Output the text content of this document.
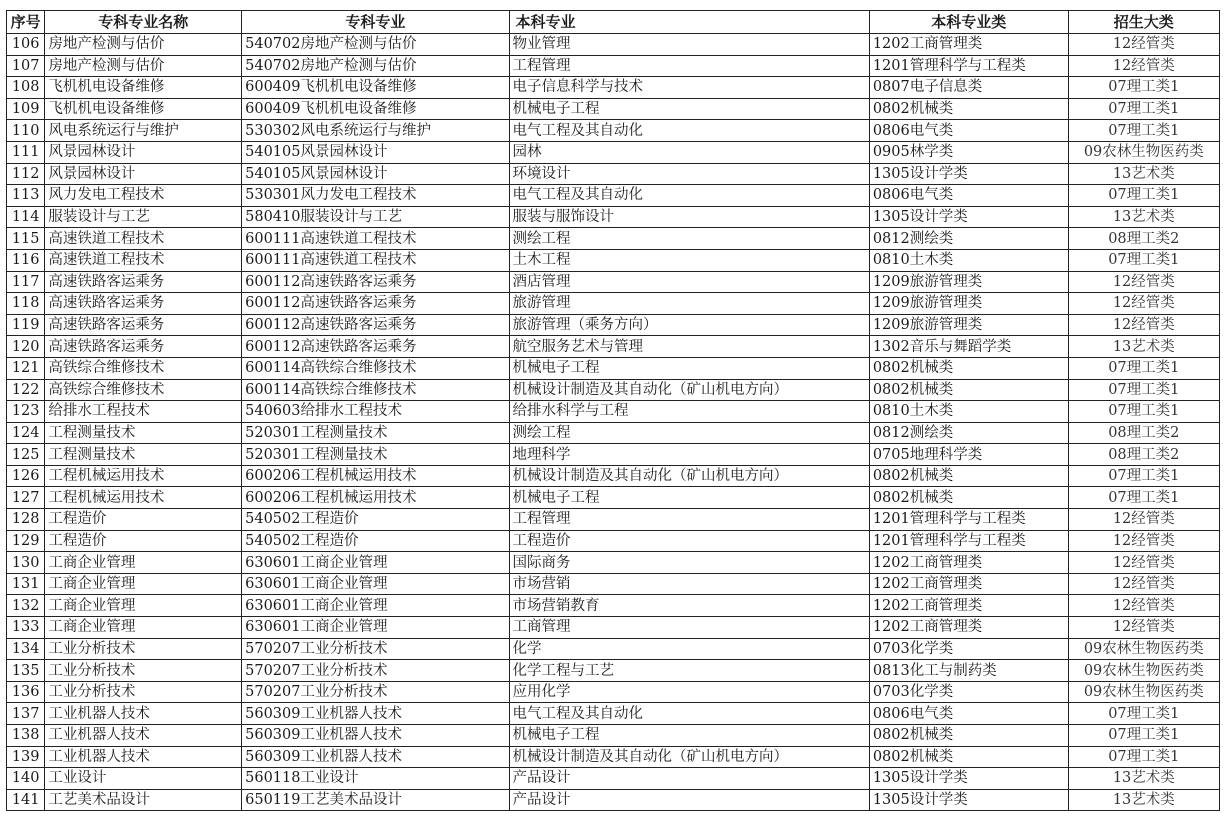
序号	专科专业名称	专科专业	本科专业	本科专业类	招生大类
106	房地产检测与估价	540702房地产检测与估价	物业管理	1202工商管理类	12经管类
107	房地产检测与估价	540702房地产检测与估价	工程管理	1201管理科学与工程类	12经管类
108	飞机机电设备维修	600409飞机机电设备维修	电子信息科学与技术	0807电子信息类	07理工类1
109	飞机机电设备维修	600409飞机机电设备维修	机械电子工程	0802机械类	07理工类1
110	风电系统运行与维护	530302风电系统运行与维护	电气工程及其自动化	0806电气类	07理工类1
111	风景园林设计	540105风景园林设计	园林	0905林学类	09农林生物医药类
112	风景园林设计	540105风景园林设计	环境设计	1305设计学类	13艺术类
113	风力发电工程技术	530301风力发电工程技术	电气工程及其自动化	0806电气类	07理工类1
114	服装设计与工艺	580410服装设计与工艺	服装与服饰设计	1305设计学类	13艺术类
115	高速铁道工程技术	600111高速铁道工程技术	测绘工程	0812测绘类	08理工类2
116	高速铁道工程技术	600111高速铁道工程技术	土木工程	0810土木类	07理工类1
117	高速铁路客运乘务	600112高速铁路客运乘务	酒店管理	1209旅游管理类	12经管类
118	高速铁路客运乘务	600112高速铁路客运乘务	旅游管理	1209旅游管理类	12经管类
119	高速铁路客运乘务	600112高速铁路客运乘务	旅游管理（乘务方向）	1209旅游管理类	12经管类
120	高速铁路客运乘务	600112高速铁路客运乘务	航空服务艺术与管理	1302音乐与舞蹈学类	13艺术类
121	高铁综合维修技术	600114高铁综合维修技术	机械电子工程	0802机械类	07理工类1
122	高铁综合维修技术	600114高铁综合维修技术	机械设计制造及其自动化（矿山机电方向）	0802机械类	07理工类1
123	给排水工程技术	540603给排水工程技术	给排水科学与工程	0810土木类	07理工类1
124	工程测量技术	520301工程测量技术	测绘工程	0812测绘类	08理工类2
125	工程测量技术	520301工程测量技术	地理科学	0705地理科学类	08理工类2
126	工程机械运用技术	600206工程机械运用技术	机械设计制造及其自动化（矿山机电方向）	0802机械类	07理工类1
127	工程机械运用技术	600206工程机械运用技术	机械电子工程	0802机械类	07理工类1
128	工程造价	540502工程造价	工程管理	1201管理科学与工程类	12经管类
129	工程造价	540502工程造价	工程造价	1201管理科学与工程类	12经管类
130	工商企业管理	630601工商企业管理	国际商务	1202工商管理类	12经管类
131	工商企业管理	630601工商企业管理	市场营销	1202工商管理类	12经管类
132	工商企业管理	630601工商企业管理	市场营销教育	1202工商管理类	12经管类
133	工商企业管理	630601工商企业管理	工商管理	1202工商管理类	12经管类
134	工业分析技术	570207工业分析技术	化学	0703化学类	09农林生物医药类
135	工业分析技术	570207工业分析技术	化学工程与工艺	0813化工与制药类	09农林生物医药类
136	工业分析技术	570207工业分析技术	应用化学	0703化学类	09农林生物医药类
137	工业机器人技术	560309工业机器人技术	电气工程及其自动化	0806电气类	07理工类1
138	工业机器人技术	560309工业机器人技术	机械电子工程	0802机械类	07理工类1
139	工业机器人技术	560309工业机器人技术	机械设计制造及其自动化（矿山机电方向）	0802机械类	07理工类1
140	工业设计	560118工业设计	产品设计	1305设计学类	13艺术类
141	工艺美术品设计	650119工艺美术品设计	产品设计	1305设计学类	13艺术类
